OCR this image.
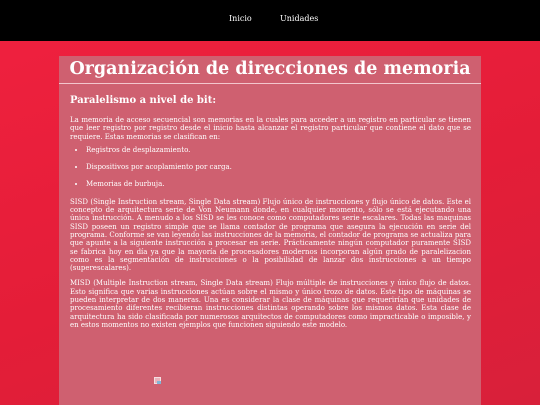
Inicio	Unidades
Organización de direcciones de memoria
Paralelismo a nivel de bit:

La memoria de acceso secuencial son memorias en la cuales para acceder a un registro en particular se tienen que leer registro por registro desde el inicio hasta alcanzar el registro particular que contiene el dato que se requiere. Estas memorias se clasifican en:

• Registros de desplazamiento.
• Dispositivos por acoplamiento por carga.
• Memorias de burbuja.

SISD (Single Instruction stream, Single Data stream) Flujo único de instrucciones y flujo único de datos. Este el concepto de arquitectura serie de Von Neumann donde, en cualquier momento, sólo se está ejecutando una única instrucción. A menudo a los SISD se les conoce como computadores serie escalares. Todas las maquinas SISD poseen un registro simple que se llama contador de programa que asegura la ejecución en serie del programa. Conforme se van leyendo las instrucciones de la memoria, el contador de programa se actualiza para que apunte a la siguiente instrucción a procesar en serie. Prácticamente ningún computador puramente SISD se fabrica hoy en día ya que la mayoría de procesadores modernos incorporan algún grado de paralelizacion como es la segmentación de instrucciones o la posibilidad de lanzar dos instrucciones a un tiempo (superescalares).

MISD (Multiple Instruction stream, Single Data stream) Flujo múltiple de instrucciones y único flujo de datos. Esto significa que varias instrucciones actúan sobre el mismo y único trozo de datos. Este tipo de máquinas se pueden interpretar de dos maneras. Una es considerar la clase de máquinas que requerirían que unidades de procesamiento diferentes recibieran instrucciones distintas operando sobre los mismos datos. Esta clase de arquitectura ha sido clasificada por numerosos arquitectos de computadores como impracticable o imposible, y en estos momentos no existen ejemplos que funcionen siguiendo este modelo.
